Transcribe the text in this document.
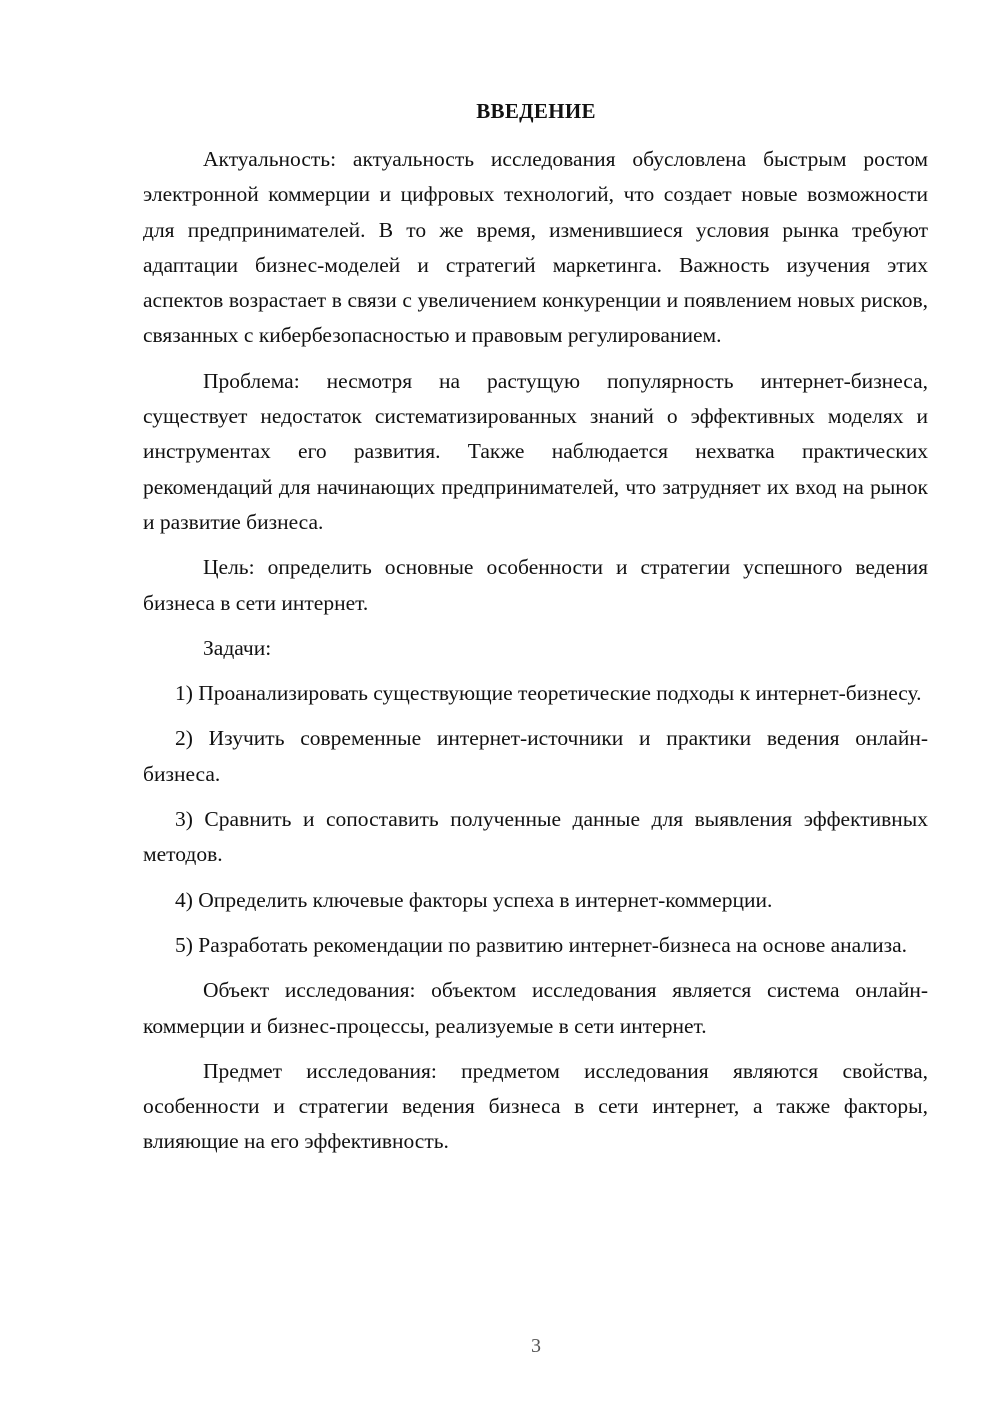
ВВЕДЕНИЕ

Актуальность: актуальность исследования обусловлена быстрым ростом электронной коммерции и цифровых технологий, что создает новые возможности для предпринимателей. В то же время, изменившиеся условия рынка требуют адаптации бизнес-моделей и стратегий маркетинга. Важность изучения этих аспектов возрастает в связи с увеличением конкуренции и появлением новых рисков, связанных с кибербезопасностью и правовым регулированием.

Проблема: несмотря на растущую популярность интернет-бизнеса, существует недостаток систематизированных знаний о эффективных моделях и инструментах его развития. Также наблюдается нехватка практических рекомендаций для начинающих предпринимателей, что затрудняет их вход на рынок и развитие бизнеса.

Цель: определить основные особенности и стратегии успешного ведения бизнеса в сети интернет.

Задачи:

1) Проанализировать существующие теоретические подходы к интернет-бизнесу.

2) Изучить современные интернет-источники и практики ведения онлайн-бизнеса.

3) Сравнить и сопоставить полученные данные для выявления эффективных методов.

4) Определить ключевые факторы успеха в интернет-коммерции.

5) Разработать рекомендации по развитию интернет-бизнеса на основе анализа.

Объект исследования: объектом исследования является система онлайн-коммерции и бизнес-процессы, реализуемые в сети интернет.

Предмет исследования: предметом исследования являются свойства, особенности и стратегии ведения бизнеса в сети интернет, а также факторы, влияющие на его эффективность.

3
